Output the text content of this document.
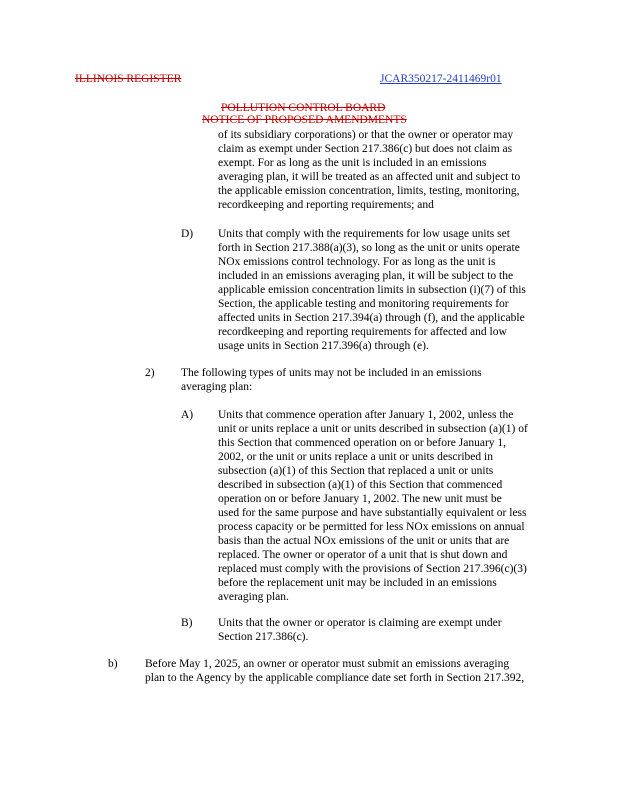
ILLINOIS REGISTER	JCAR350217-2411469r01
POLLUTION CONTROL BOARD
NOTICE OF PROPOSED AMENDMENTS
of its subsidiary corporations) or that the owner or operator may
claim as exempt under Section 217.386(c) but does not claim as
exempt. For as long as the unit is included in an emissions
averaging plan, it will be treated as an affected unit and subject to
the applicable emission concentration, limits, testing, monitoring,
recordkeeping and reporting requirements; and
D) Units that comply with the requirements for low usage units set
forth in Section 217.388(a)(3), so long as the unit or units operate
NOx emissions control technology. For as long as the unit is
included in an emissions averaging plan, it will be subject to the
applicable emission concentration limits in subsection (i)(7) of this
Section, the applicable testing and monitoring requirements for
affected units in Section 217.394(a) through (f), and the applicable
recordkeeping and reporting requirements for affected and low
usage units in Section 217.396(a) through (e).
2) The following types of units may not be included in an emissions
averaging plan:
A) Units that commence operation after January 1, 2002, unless the
unit or units replace a unit or units described in subsection (a)(1) of
this Section that commenced operation on or before January 1,
2002, or the unit or units replace a unit or units described in
subsection (a)(1) of this Section that replaced a unit or units
described in subsection (a)(1) of this Section that commenced
operation on or before January 1, 2002. The new unit must be
used for the same purpose and have substantially equivalent or less
process capacity or be permitted for less NOx emissions on annual
basis than the actual NOx emissions of the unit or units that are
replaced. The owner or operator of a unit that is shut down and
replaced must comply with the provisions of Section 217.396(c)(3)
before the replacement unit may be included in an emissions
averaging plan.
B) Units that the owner or operator is claiming are exempt under
Section 217.386(c).
b) Before May 1, 2025, an owner or operator must submit an emissions averaging
plan to the Agency by the applicable compliance date set forth in Section 217.392,
